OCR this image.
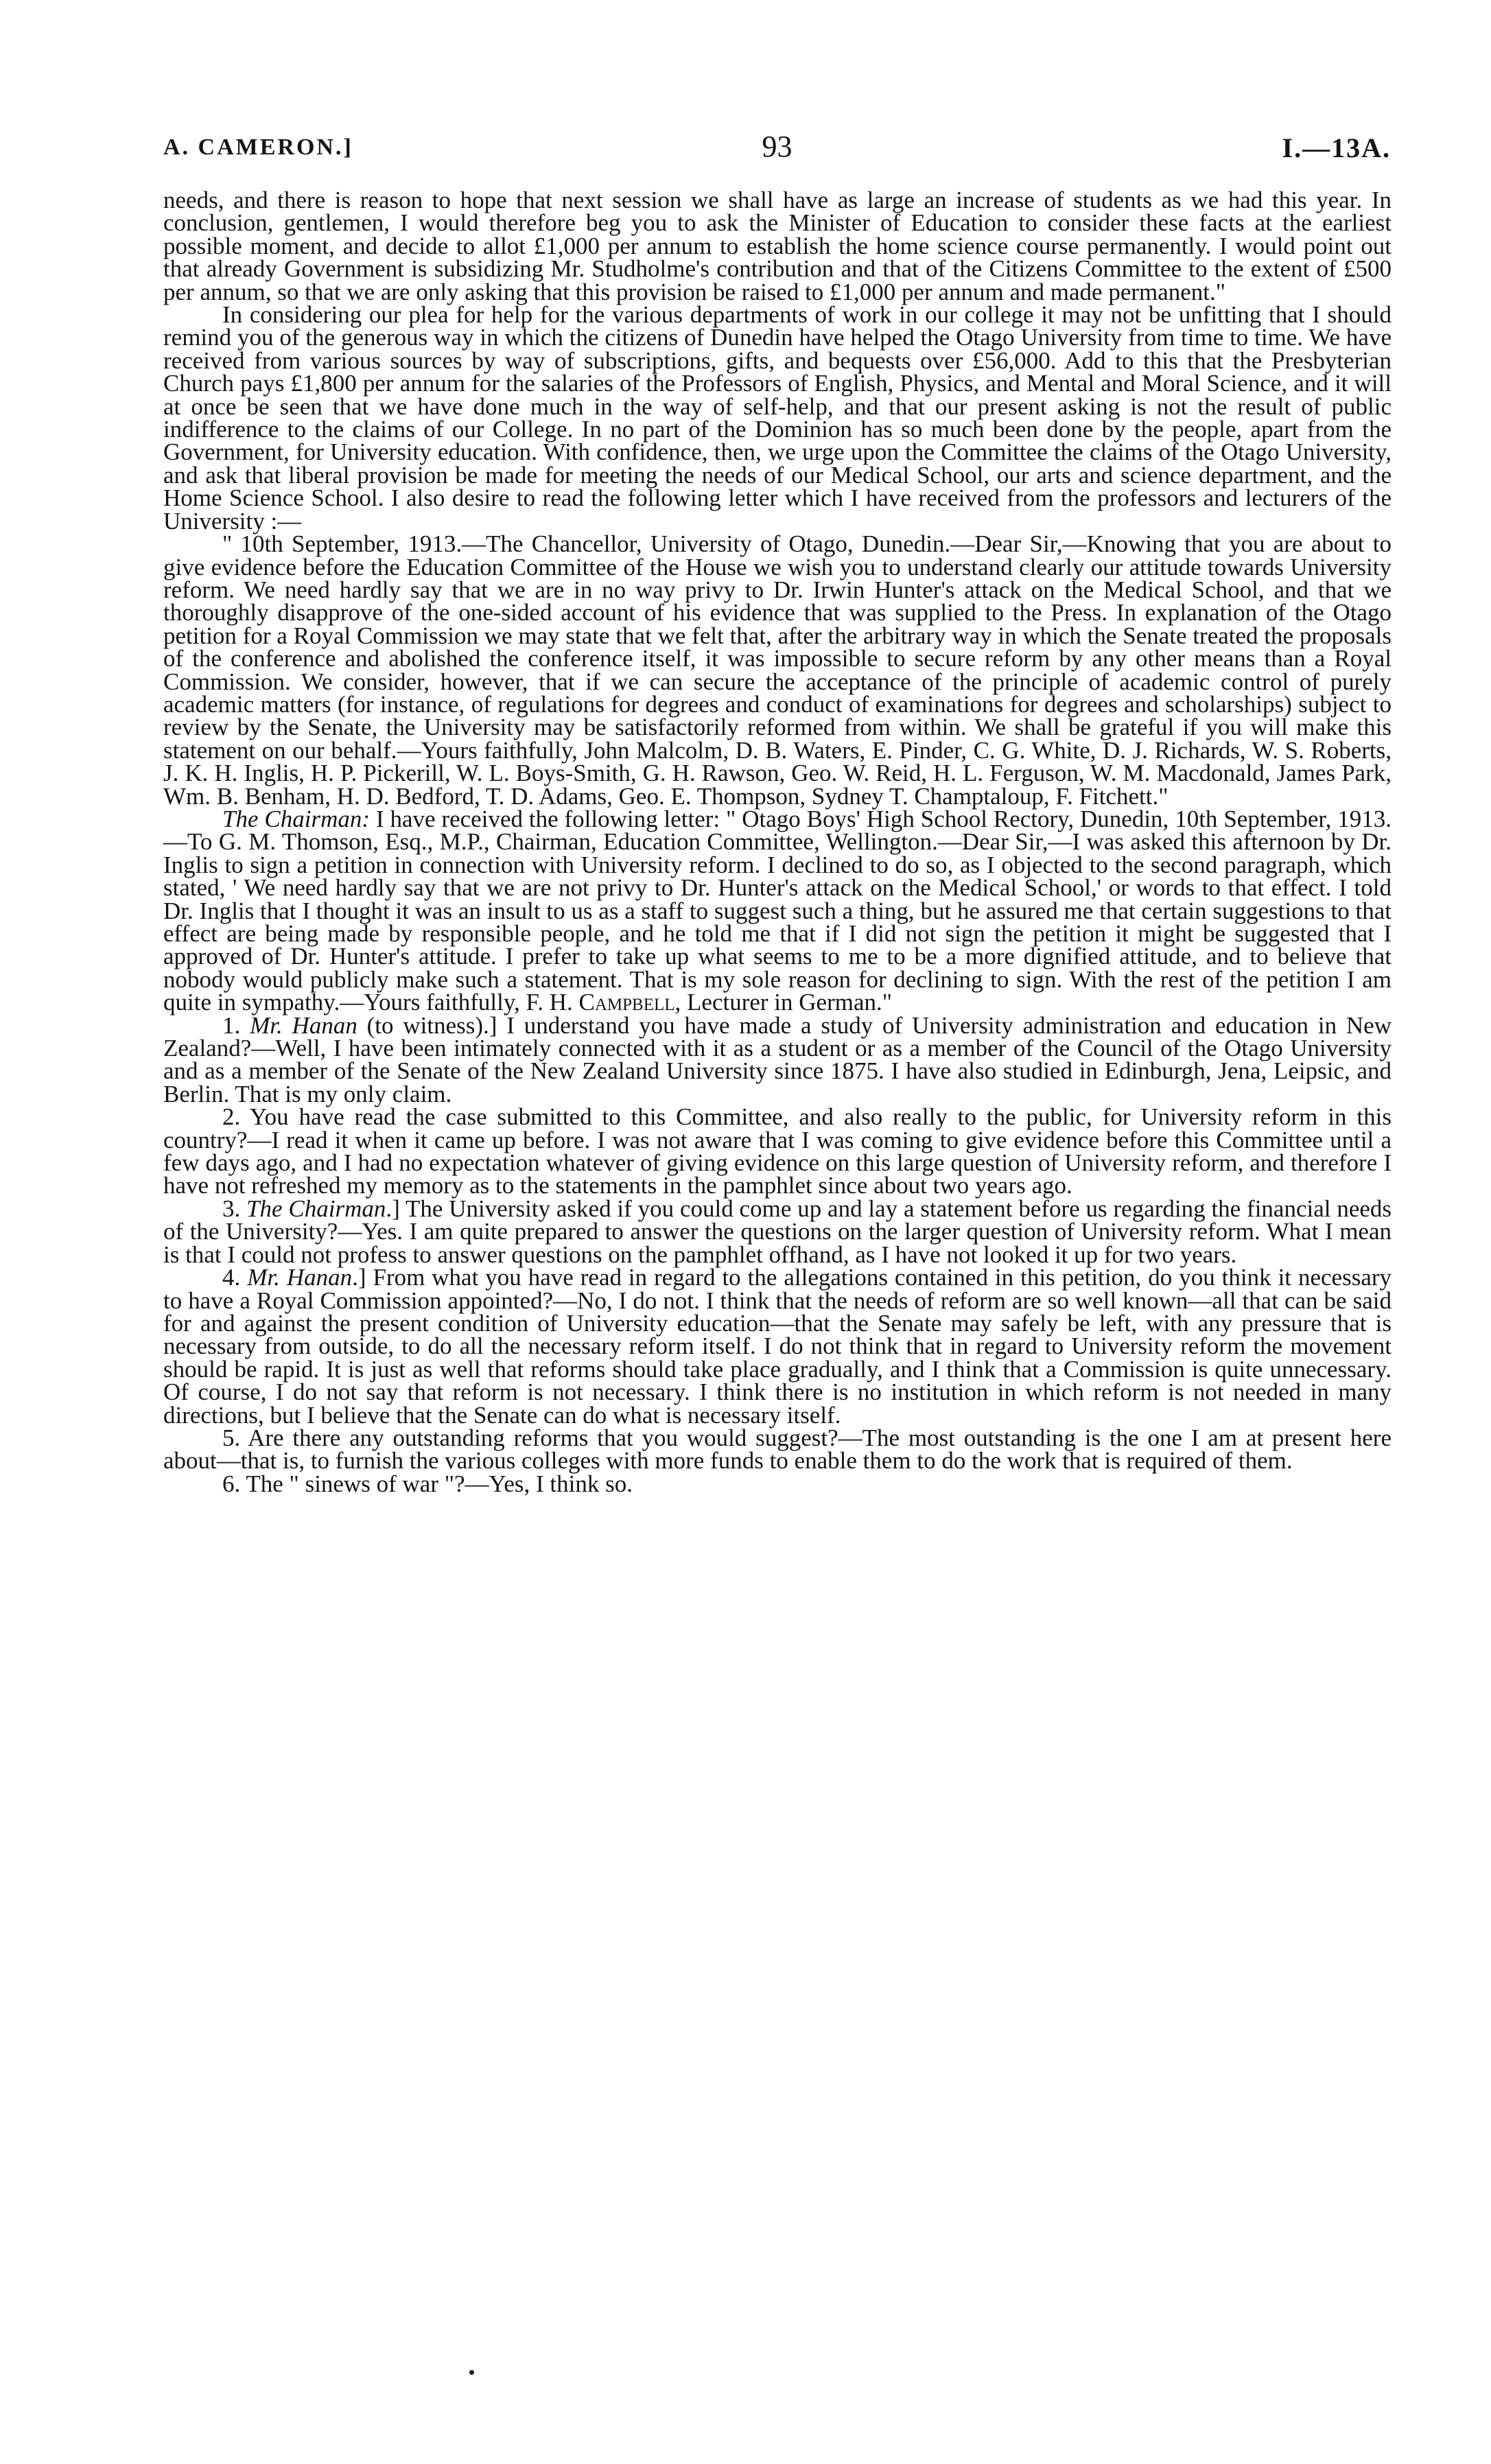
A. CAMERON.]	93	I.—13A.

needs, and there is reason to hope that next session we shall have as large an increase of students as we had this year. In conclusion, gentlemen, I would therefore beg you to ask the Minister of Education to consider these facts at the earliest possible moment, and decide to allot £1,000 per annum to establish the home science course permanently. I would point out that already Government is subsidizing Mr. Studholme's contribution and that of the Citizens Committee to the extent of £500 per annum, so that we are only asking that this provision be raised to £1,000 per annum and made permanent."

In considering our plea for help for the various departments of work in our college it may not be unfitting that I should remind you of the generous way in which the citizens of Dunedin have helped the Otago University from time to time. We have received from various sources by way of subscriptions, gifts, and bequests over £56,000. Add to this that the Presbyterian Church pays £1,800 per annum for the salaries of the Professors of English, Physics, and Mental and Moral Science, and it will at once be seen that we have done much in the way of self-help, and that our present asking is not the result of public indifference to the claims of our College. In no part of the Dominion has so much been done by the people, apart from the Government, for University education. With confidence, then, we urge upon the Committee the claims of the Otago University, and ask that liberal provision be made for meeting the needs of our Medical School, our arts and science department, and the Home Science School. I also desire to read the following letter which I have received from the professors and lecturers of the University :—

" 10th September, 1913.—The Chancellor, University of Otago, Dunedin.—Dear Sir,—Knowing that you are about to give evidence before the Education Committee of the House we wish you to understand clearly our attitude towards University reform. We need hardly say that we are in no way privy to Dr. Irwin Hunter's attack on the Medical School, and that we thoroughly disapprove of the one-sided account of his evidence that was supplied to the Press. In explanation of the Otago petition for a Royal Commission we may state that we felt that, after the arbitrary way in which the Senate treated the proposals of the conference and abolished the conference itself, it was impossible to secure reform by any other means than a Royal Commission. We consider, however, that if we can secure the acceptance of the principle of academic control of purely academic matters (for instance, of regulations for degrees and conduct of examinations for degrees and scholarships) subject to review by the Senate, the University may be satisfactorily reformed from within. We shall be grateful if you will make this statement on our behalf.—Yours faithfully, John Malcolm, D. B. Waters, E. Pinder, C. G. White, D. J. Richards, W. S. Roberts, J. K. H. Inglis, H. P. Pickerill, W. L. Boys-Smith, G. H. Rawson, Geo. W. Reid, H. L. Ferguson, W. M. Macdonald, James Park, Wm. B. Benham, H. D. Bedford, T. D. Adams, Geo. E. Thompson, Sydney T. Champtaloup, F. Fitchett."

The Chairman: I have received the following letter: " Otago Boys' High School Rectory, Dunedin, 10th September, 1913.—To G. M. Thomson, Esq., M.P., Chairman, Education Committee, Wellington.—Dear Sir,—I was asked this afternoon by Dr. Inglis to sign a petition in connection with University reform. I declined to do so, as I objected to the second paragraph, which stated, ' We need hardly say that we are not privy to Dr. Hunter's attack on the Medical School,' or words to that effect. I told Dr. Inglis that I thought it was an insult to us as a staff to suggest such a thing, but he assured me that certain suggestions to that effect are being made by responsible people, and he told me that if I did not sign the petition it might be suggested that I approved of Dr. Hunter's attitude. I prefer to take up what seems to me to be a more dignified attitude, and to believe that nobody would publicly make such a statement. That is my sole reason for declining to sign. With the rest of the petition I am quite in sympathy.—Yours faithfully, F. H. Campbell, Lecturer in German."

1. Mr. Hanan (to witness).] I understand you have made a study of University administration and education in New Zealand?—Well, I have been intimately connected with it as a student or as a member of the Council of the Otago University and as a member of the Senate of the New Zealand University since 1875. I have also studied in Edinburgh, Jena, Leipsic, and Berlin. That is my only claim.

2. You have read the case submitted to this Committee, and also really to the public, for University reform in this country?—I read it when it came up before. I was not aware that I was coming to give evidence before this Committee until a few days ago, and I had no expectation whatever of giving evidence on this large question of University reform, and therefore I have not refreshed my memory as to the statements in the pamphlet since about two years ago.

3. The Chairman.] The University asked if you could come up and lay a statement before us regarding the financial needs of the University?—Yes. I am quite prepared to answer the questions on the larger question of University reform. What I mean is that I could not profess to answer questions on the pamphlet offhand, as I have not looked it up for two years.

4. Mr. Hanan.] From what you have read in regard to the allegations contained in this petition, do you think it necessary to have a Royal Commission appointed?—No, I do not. I think that the needs of reform are so well known—all that can be said for and against the present condition of University education—that the Senate may safely be left, with any pressure that is necessary from outside, to do all the necessary reform itself. I do not think that in regard to University reform the movement should be rapid. It is just as well that reforms should take place gradually, and I think that a Commission is quite unnecessary. Of course, I do not say that reform is not necessary. I think there is no institution in which reform is not needed in many directions, but I believe that the Senate can do what is necessary itself.

5. Are there any outstanding reforms that you would suggest?—The most outstanding is the one I am at present here about—that is, to furnish the various colleges with more funds to enable them to do the work that is required of them.

6. The " sinews of war "?—Yes, I think so.
